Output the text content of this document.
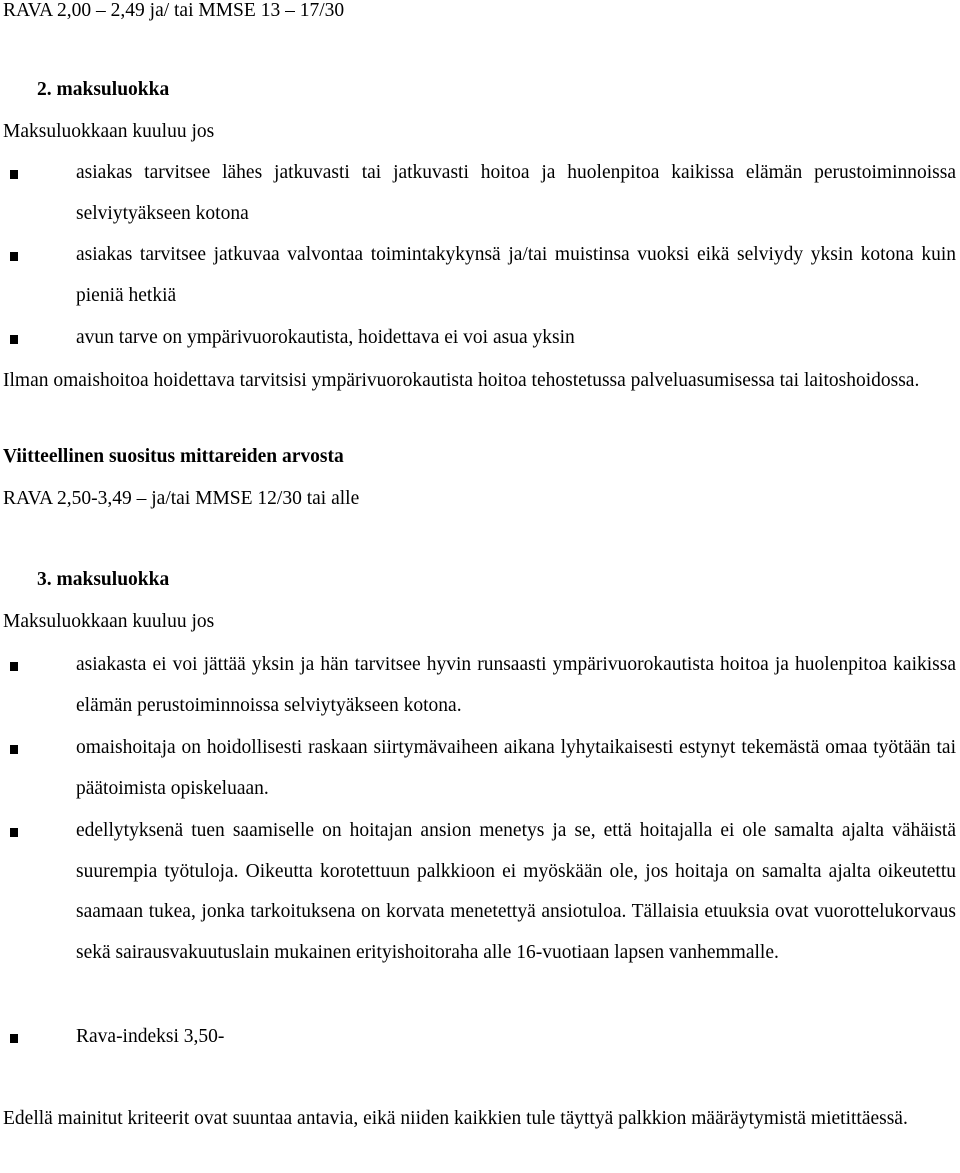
RAVA 2,00 – 2,49 ja/ tai MMSE 13 – 17/30
2. maksuluokka
Maksuluokkaan kuuluu jos
asiakas tarvitsee lähes jatkuvasti tai jatkuvasti hoitoa ja huolenpitoa kaikissa elämän perustoiminnoissa selviytyäkseen kotona
asiakas tarvitsee jatkuvaa valvontaa toimintakykynsä ja/tai muistinsa vuoksi eikä selviydy yksin kotona kuin pieniä hetkiä
avun tarve on ympärivuorokautista, hoidettava ei voi asua yksin
Ilman omaishoitoa hoidettava tarvitsisi ympärivuorokautista hoitoa tehostetussa palveluasumisessa tai laitoshoidossa.
Viitteellinen suositus mittareiden arvosta
RAVA 2,50-3,49 – ja/tai MMSE 12/30 tai alle
3. maksuluokka
Maksuluokkaan kuuluu jos
asiakasta ei voi jättää yksin ja hän tarvitsee hyvin runsaasti ympärivuorokautista hoitoa ja huolenpitoa kaikissa elämän perustoiminnoissa selviytyäkseen kotona.
omaishoitaja on hoidollisesti raskaan siirtymävaiheen aikana lyhytaikaisesti estynyt tekemästä omaa työtään tai päätoimista opiskeluaan.
edellytyksenä tuen saamiselle on hoitajan ansion menetys ja se, että hoitajalla ei ole samalta ajalta vähäistä suurempia työtuloja. Oikeutta korotettuun palkkioon ei myöskään ole, jos hoitaja on samalta ajalta oikeutettu saamaan tukea, jonka tarkoituksena on korvata menetettyä ansiotuloa. Tällaisia etuuksia ovat vuorottelukorvaus sekä sairausvakuutuslain mukainen erityishoitoraha alle 16-vuotiaan lapsen vanhemmalle.
Rava-indeksi 3,50-
Edellä mainitut kriteerit ovat suuntaa antavia, eikä niiden kaikkien tule täyttyä palkkion määräytymistä mietittäessä.
